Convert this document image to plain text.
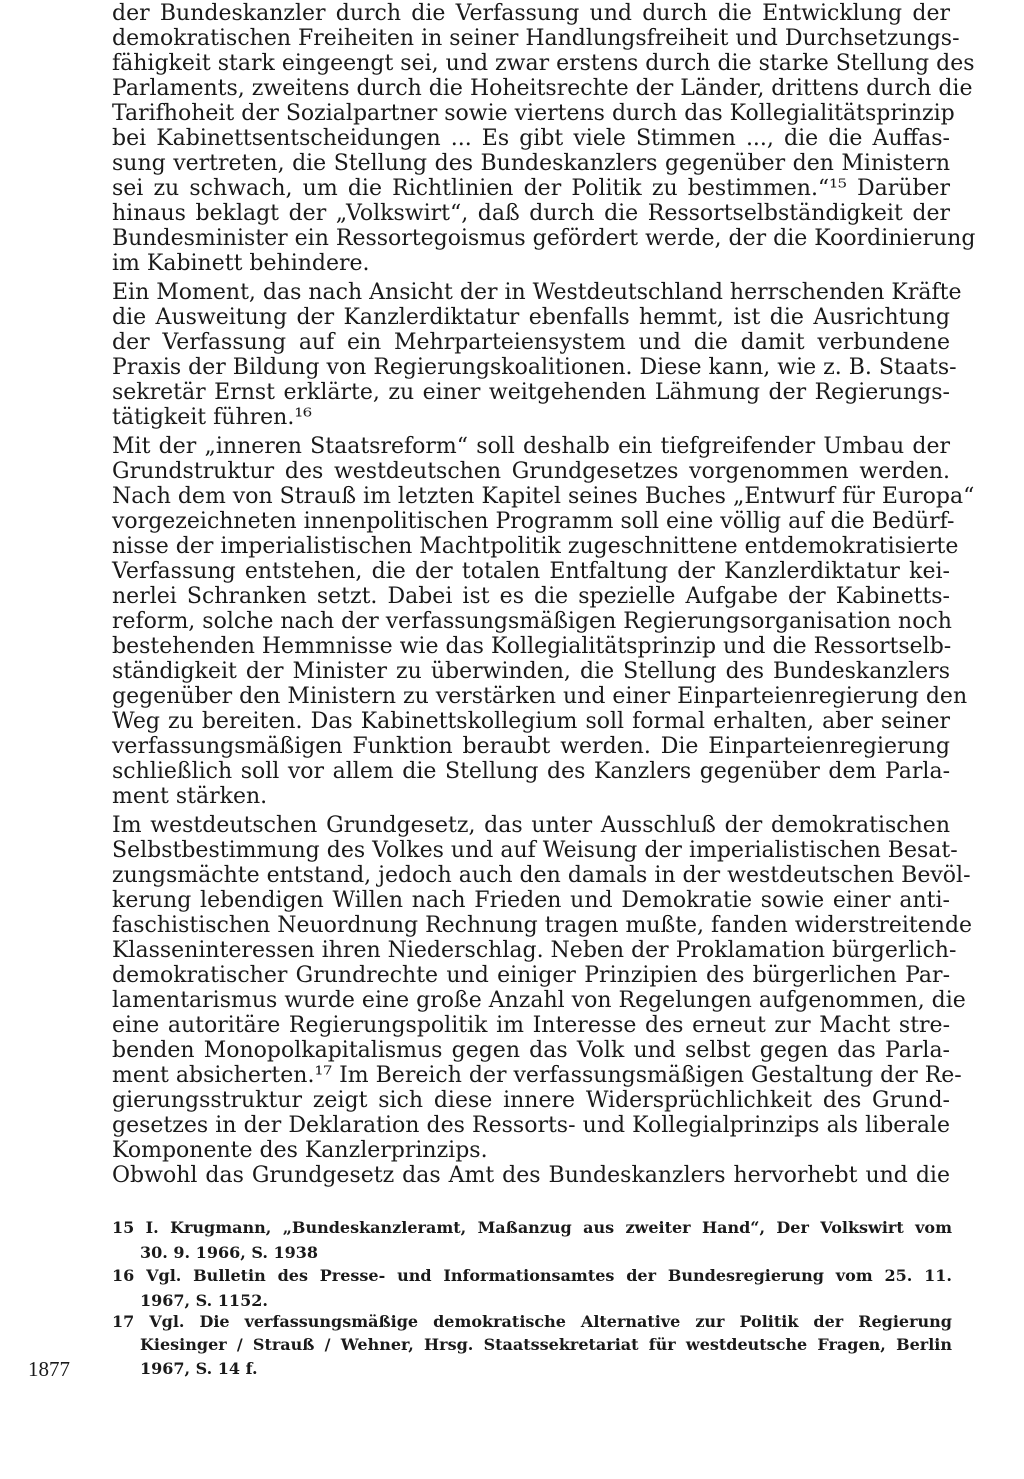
der Bundeskanzler durch die Verfassung und durch die Entwicklung der

demokratischen Freiheiten in seiner Handlungsfreiheit und Durchsetzungs-

fähigkeit stark eingeengt sei, und zwar erstens durch die starke Stellung des

Parlaments, zweitens durch die Hoheitsrechte der Länder, drittens durch die

Tarifhoheit der Sozialpartner sowie viertens durch das Kollegialitätsprinzip

bei Kabinettsentscheidungen ... Es gibt viele Stimmen ..., die die Auffas-

sung vertreten, die Stellung des Bundeskanzlers gegenüber den Ministern

sei zu schwach, um die Richtlinien der Politik zu bestimmen.“¹⁵ Darüber

hinaus beklagt der „Volkswirt“, daß durch die Ressortselbständigkeit der

Bundesminister ein Ressortegoismus gefördert werde, der die Koordinierung

im Kabinett behindere.

Ein Moment, das nach Ansicht der in Westdeutschland herrschenden Kräfte

die Ausweitung der Kanzlerdiktatur ebenfalls hemmt, ist die Ausrichtung

der Verfassung auf ein Mehrparteiensystem und die damit verbundene

Praxis der Bildung von Regierungskoalitionen. Diese kann, wie z. B. Staats-

sekretär Ernst erklärte, zu einer weitgehenden Lähmung der Regierungs-

tätigkeit führen.¹⁶

Mit der „inneren Staatsreform“ soll deshalb ein tiefgreifender Umbau der

Grundstruktur des westdeutschen Grundgesetzes vorgenommen werden.

Nach dem von Strauß im letzten Kapitel seines Buches „Entwurf für Europa“

vorgezeichneten innenpolitischen Programm soll eine völlig auf die Bedürf-

nisse der imperialistischen Machtpolitik zugeschnittene entdemokratisierte

Verfassung entstehen, die der totalen Entfaltung der Kanzlerdiktatur kei-

nerlei Schranken setzt. Dabei ist es die spezielle Aufgabe der Kabinetts-

reform, solche nach der verfassungsmäßigen Regierungsorganisation noch

bestehenden Hemmnisse wie das Kollegialitätsprinzip und die Ressortselb-

ständigkeit der Minister zu überwinden, die Stellung des Bundeskanzlers

gegenüber den Ministern zu verstärken und einer Einparteienregierung den

Weg zu bereiten. Das Kabinettskollegium soll formal erhalten, aber seiner

verfassungsmäßigen Funktion beraubt werden. Die Einparteienregierung

schließlich soll vor allem die Stellung des Kanzlers gegenüber dem Parla-

ment stärken.

Im westdeutschen Grundgesetz, das unter Ausschluß der demokratischen

Selbstbestimmung des Volkes und auf Weisung der imperialistischen Besat-

zungsmächte entstand, jedoch auch den damals in der westdeutschen Bevöl-

kerung lebendigen Willen nach Frieden und Demokratie sowie einer anti-

faschistischen Neuordnung Rechnung tragen mußte, fanden widerstreitende

Klasseninteressen ihren Niederschlag. Neben der Proklamation bürgerlich-

demokratischer Grundrechte und einiger Prinzipien des bürgerlichen Par-

lamentarismus wurde eine große Anzahl von Regelungen aufgenommen, die

eine autoritäre Regierungspolitik im Interesse des erneut zur Macht stre-

benden Monopolkapitalismus gegen das Volk und selbst gegen das Parla-

ment absicherten.¹⁷ Im Bereich der verfassungsmäßigen Gestaltung der Re-

gierungsstruktur zeigt sich diese innere Widersprüchlichkeit des Grund-

gesetzes in der Deklaration des Ressorts- und Kollegialprinzips als liberale

Komponente des Kanzlerprinzips.

Obwohl das Grundgesetz das Amt des Bundeskanzlers hervorhebt und die

15 I. Krugmann, „Bundeskanzleramt, Maßanzug aus zweiter Hand“, Der Volkswirt vom

30. 9. 1966, S. 1938

16 Vgl. Bulletin des Presse- und Informationsamtes der Bundesregierung vom 25. 11.

1967, S. 1152.

17 Vgl. Die verfassungsmäßige demokratische Alternative zur Politik der Regierung

Kiesinger / Strauß / Wehner, Hrsg. Staatssekretariat für westdeutsche Fragen, Berlin

1967, S. 14 f.

1877
